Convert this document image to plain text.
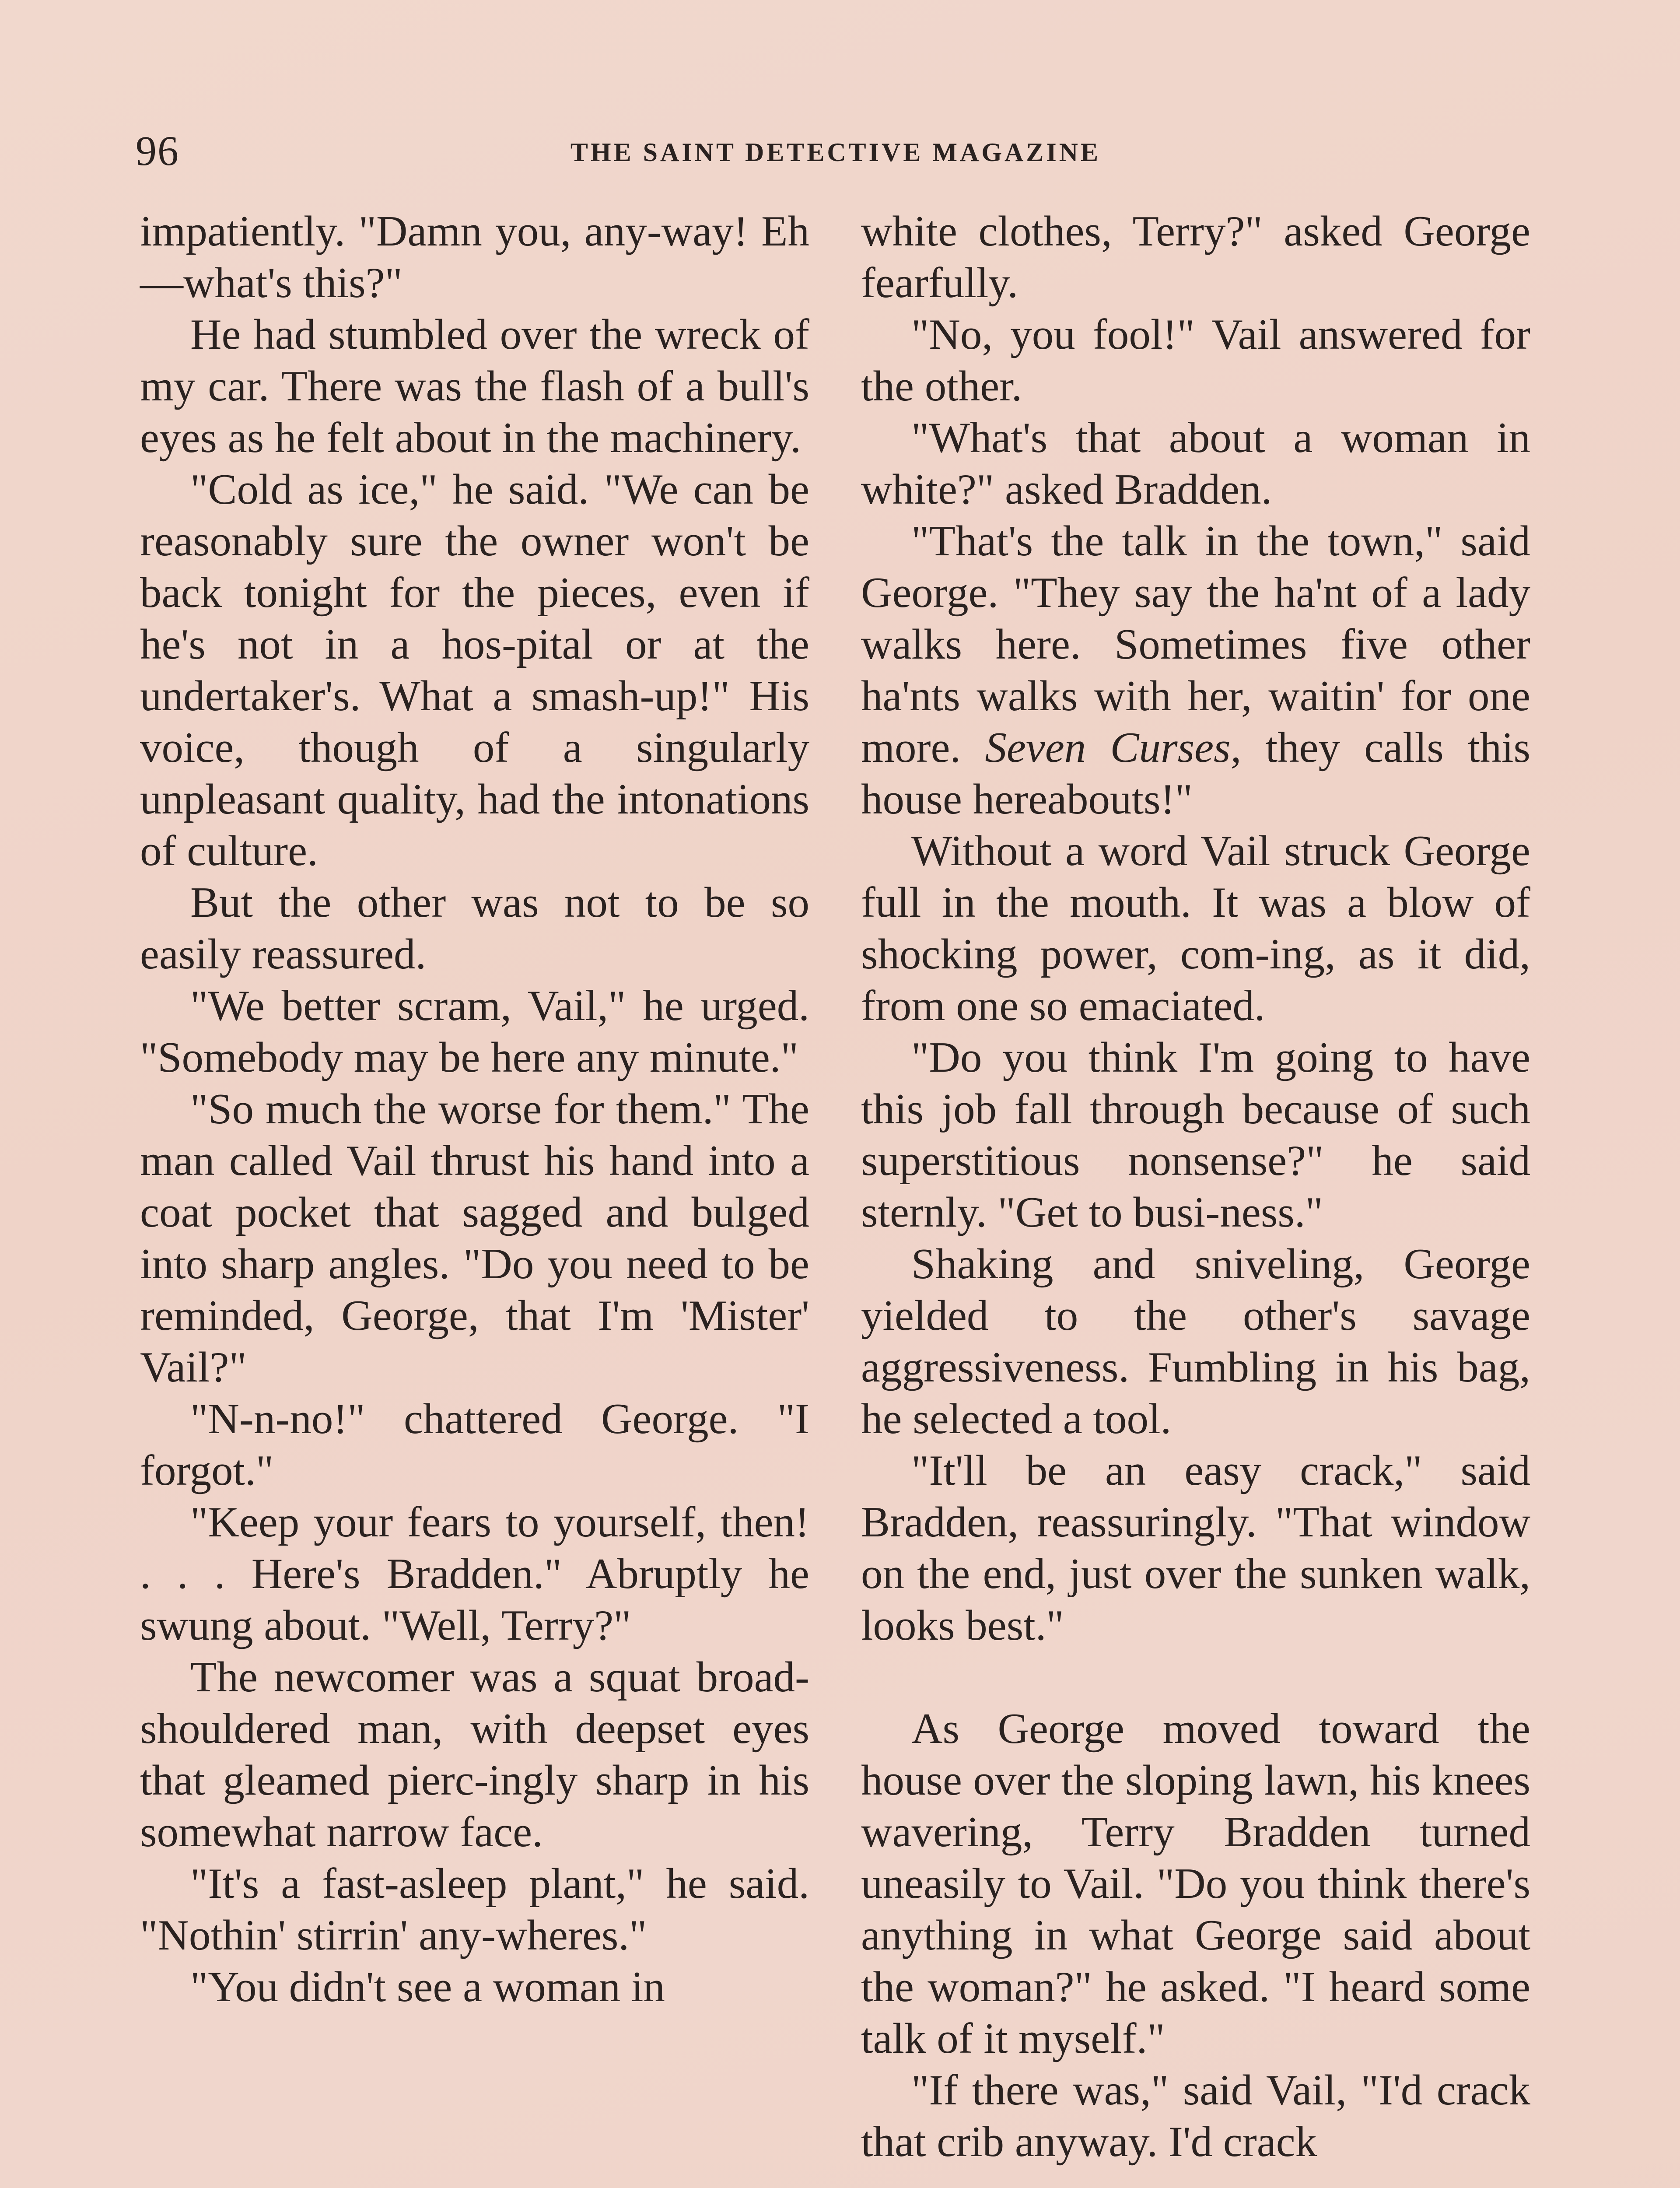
96	THE SAINT DETECTIVE MAGAZINE

impatiently. "Damn you, any-way! Eh—what's this?"

He had stumbled over the wreck of my car. There was the flash of a bull's eyes as he felt about in the machinery.

"Cold as ice," he said. "We can be reasonably sure the owner won't be back tonight for the pieces, even if he's not in a hos-pital or at the undertaker's. What a smash-up!" His voice, though of a singularly unpleasant quality, had the intonations of culture.

But the other was not to be so easily reassured.

"We better scram, Vail," he urged. "Somebody may be here any minute."

"So much the worse for them." The man called Vail thrust his hand into a coat pocket that sagged and bulged into sharp angles. "Do you need to be reminded, George, that I'm 'Mister' Vail?"

"N-n-no!" chattered George. "I forgot."

"Keep your fears to yourself, then! . . . Here's Bradden." Abruptly he swung about. "Well, Terry?"

The newcomer was a squat broad-shouldered man, with deepset eyes that gleamed pierc-ingly sharp in his somewhat narrow face.

"It's a fast-asleep plant," he said. "Nothin' stirrin' any-wheres."

"You didn't see a woman in

white clothes, Terry?" asked George fearfully.

"No, you fool!" Vail answered for the other.

"What's that about a woman in white?" asked Bradden.

"That's the talk in the town," said George. "They say the ha'nt of a lady walks here. Sometimes five other ha'nts walks with her, waitin' for one more. Seven Curses, they calls this house hereabouts!"

Without a word Vail struck George full in the mouth. It was a blow of shocking power, com-ing, as it did, from one so emaciated.

"Do you think I'm going to have this job fall through because of such superstitious nonsense?" he said sternly. "Get to busi-ness."

Shaking and sniveling, George yielded to the other's savage aggressiveness. Fumbling in his bag, he selected a tool.

"It'll be an easy crack," said Bradden, reassuringly. "That window on the end, just over the sunken walk, looks best."

As George moved toward the house over the sloping lawn, his knees wavering, Terry Bradden turned uneasily to Vail. "Do you think there's anything in what George said about the woman?" he asked. "I heard some talk of it myself."

"If there was," said Vail, "I'd crack that crib anyway. I'd crack
